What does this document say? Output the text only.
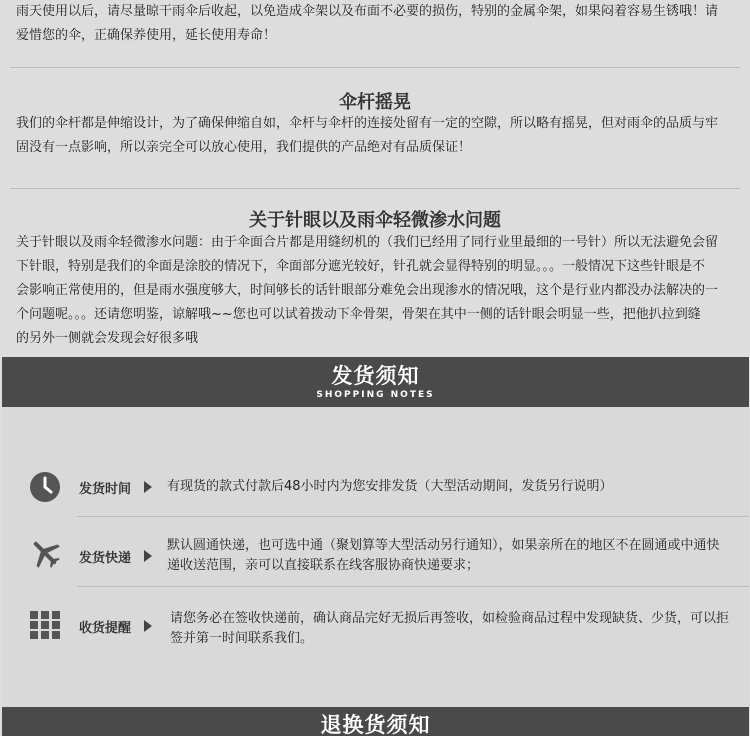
雨天使用以后，请尽量晾干雨伞后收起，以免造成伞架以及布面不必要的损伤，特别的金属伞架，如果闷着容易生锈哦！请
爱惜您的伞，正确保养使用，延长使用寿命！
伞杆摇晃
我们的伞杆都是伸缩设计，为了确保伸缩自如，伞杆与伞杆的连接处留有一定的空隙，所以略有摇晃，但对雨伞的品质与牢
固没有一点影响，所以亲完全可以放心使用，我们提供的产品绝对有品质保证！
关于针眼以及雨伞轻微渗水问题
关于针眼以及雨伞轻微渗水问题：由于伞面合片都是用缝纫机的（我们已经用了同行业里最细的一号针）所以无法避免会留
下针眼，特别是我们的伞面是涂胶的情况下，伞面部分遮光较好，针孔就会显得特别的明显。。。一般情况下这些针眼是不
会影响正常使用的，但是雨水强度够大，时间够长的话针眼部分难免会出现渗水的情况哦，这个是行业内都没办法解决的一
个问题呢。。。还请您明鉴，谅解哦~~您也可以试着拨动下伞骨架，骨架在其中一侧的话针眼会明显一些，把他扒拉到缝
的另外一侧就会发现会好很多哦
发货须知
SHOPPING NOTES
发货时间	有现货的款式付款后48小时内为您安排发货（大型活动期间，发货另行说明）
发货快递
默认圆通快递，也可选中通（聚划算等大型活动另行通知），如果亲所在的地区不在圆通或中通快
递收送范围，亲可以直接联系在线客服协商快递要求；
收货提醒
请您务必在签收快递前，确认商品完好无损后再签收，如检验商品过程中发现缺货、少货，可以拒
签并第一时间联系我们。
退换货须知
